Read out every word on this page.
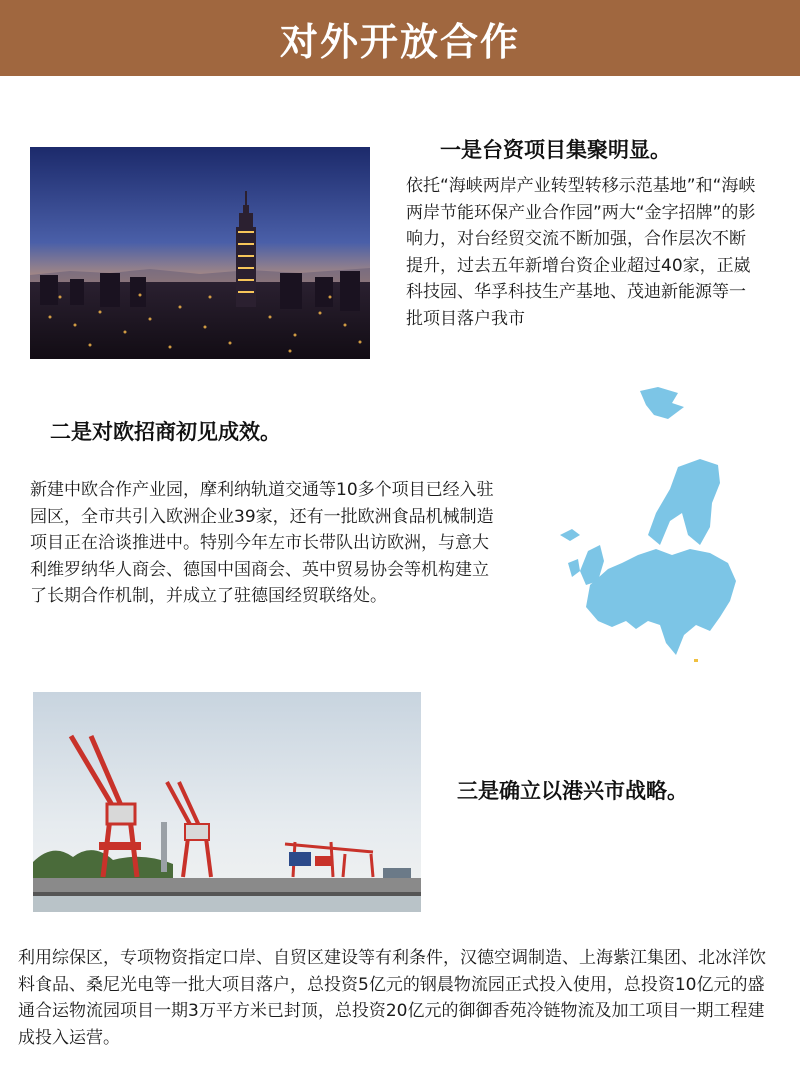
对外开放合作
一是台资项目集聚明显。
依托“海峡两岸产业转型转移示范基地”和“海峡两岸节能环保产业合作园”两大“金字招牌”的影响力，对台经贸交流不断加强，合作层次不断提升，过去五年新增台资企业超过40家，正崴科技园、华孚科技生产基地、茂迪新能源等一批项目落户我市
二是对欧招商初见成效。
新建中欧合作产业园，摩利纳轨道交通等10多个项目已经入驻园区，全市共引入欧洲企业39家，还有一批欧洲食品机械制造项目正在洽谈推进中。特别今年左市长带队出访欧洲，与意大利维罗纳华人商会、德国中国商会、英中贸易协会等机构建立了长期合作机制，并成立了驻德国经贸联络处。
三是确立以港兴市战略。
利用综保区，专项物资指定口岸、自贸区建设等有利条件，汉德空调制造、上海紫江集团、北冰洋饮料食品、桑尼光电等一批大项目落户，总投资5亿元的钢晨物流园正式投入使用，总投资10亿元的盛通合运物流园项目一期3万平方米已封顶，总投资20亿元的御御香苑冷链物流及加工项目一期工程建成投入运营。
